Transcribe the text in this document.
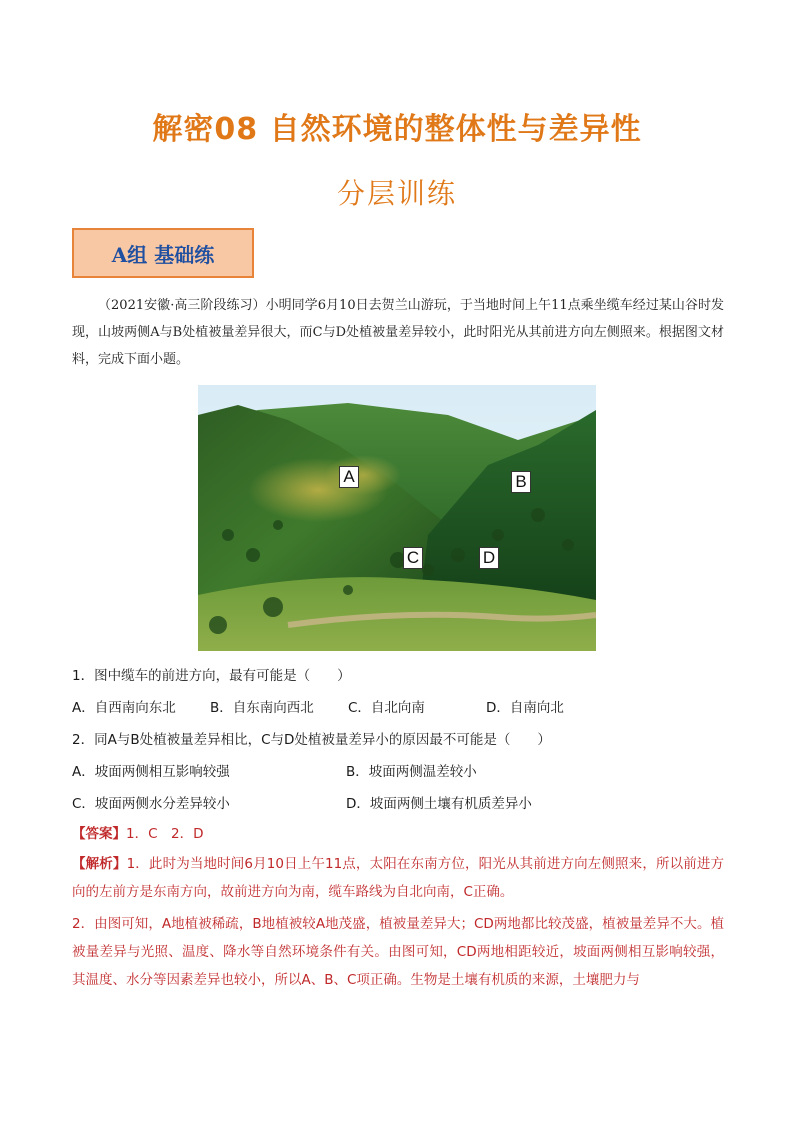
解密08 自然环境的整体性与差异性
分层训练
A组 基础练
（2021安徽·高三阶段练习）小明同学6月10日去贺兰山游玩，于当地时间上午11点乘坐缆车经过某山谷时发现，山坡两侧A与B处植被量差异很大，而C与D处植被量差异较小，此时阳光从其前进方向左侧照来。根据图文材料，完成下面小题。
A	B
C	D
1．图中缆车的前进方向，最有可能是（　　）
A．自西南向东北	B．自东南向西北	C．自北向南	D．自南向北
2．同A与B处植被量差异相比，C与D处植被量差异小的原因最不可能是（　　）
A．坡面两侧相互影响较强	B．坡面两侧温差较小
C．坡面两侧水分差异较小	D．坡面两侧土壤有机质差异小
【答案】1．C　2．D
【解析】1．此时为当地时间6月10日上午11点，太阳在东南方位，阳光从其前进方向左侧照来，所以前进方向的左前方是东南方向，故前进方向为南，缆车路线为自北向南，C正确。
2．由图可知，A地植被稀疏，B地植被较A地茂盛，植被量差异大；CD两地都比较茂盛，植被量差异不大。植被量差异与光照、温度、降水等自然环境条件有关。由图可知，CD两地相距较近，坡面两侧相互影响较强，其温度、水分等因素差异也较小，所以A、B、C项正确。生物是土壤有机质的来源，土壤肥力与
